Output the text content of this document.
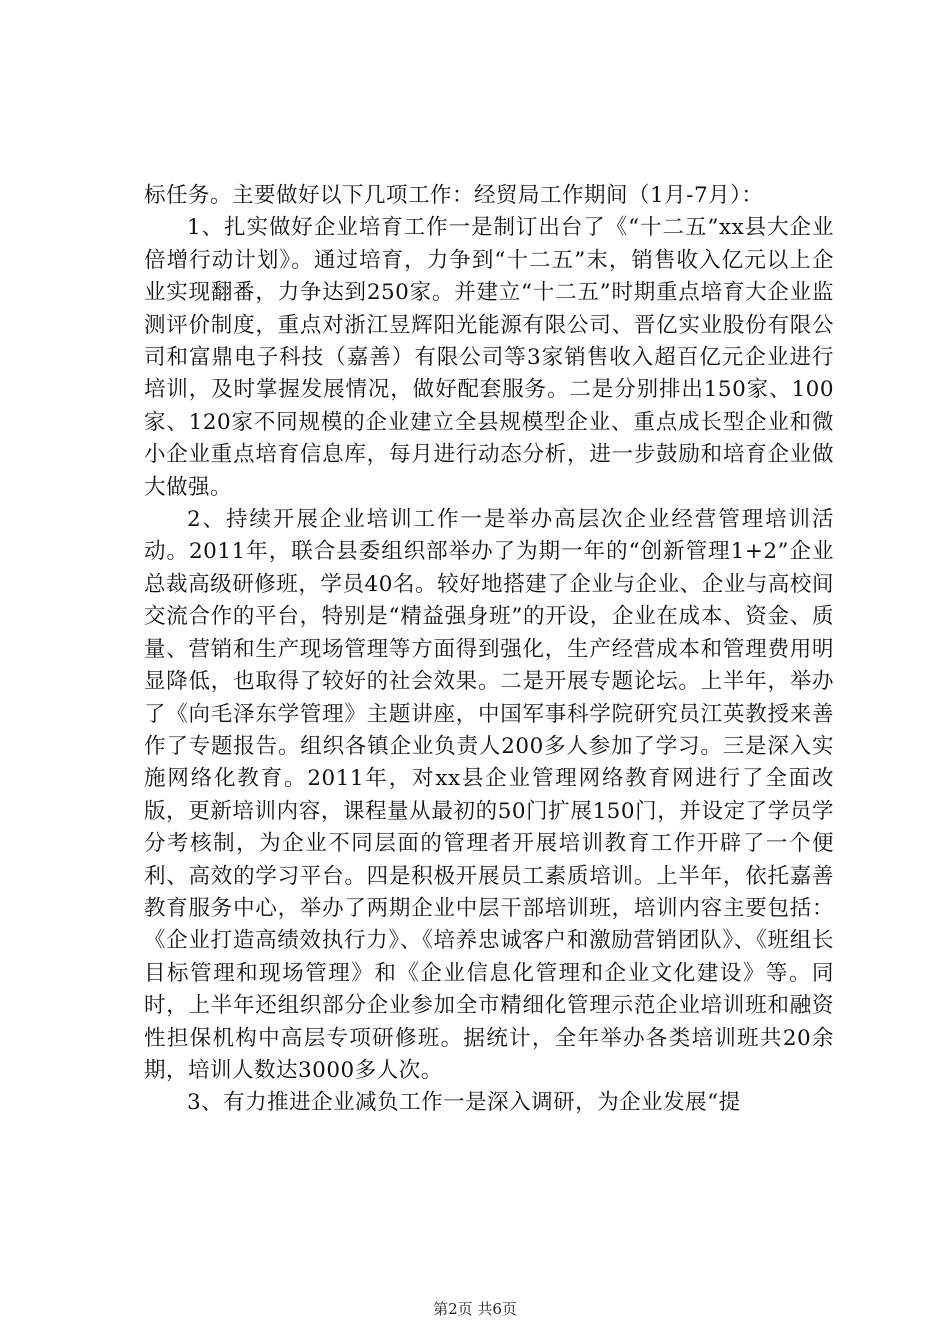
标任务。主要做好以下几项工作：经贸局工作期间（1月-7月）：

1、扎实做好企业培育工作一是制订出台了《“十二五”xx县大企业倍增行动计划》。通过培育，力争到“十二五”末，销售收入亿元以上企业实现翻番，力争达到250家。并建立“十二五”时期重点培育大企业监测评价制度，重点对浙江昱辉阳光能源有限公司、晋亿实业股份有限公司和富鼎电子科技（嘉善）有限公司等3家销售收入超百亿元企业进行培训，及时掌握发展情况，做好配套服务。二是分别排出150家、100家、120家不同规模的企业建立全县规模型企业、重点成长型企业和微小企业重点培育信息库，每月进行动态分析，进一步鼓励和培育企业做大做强。

2、持续开展企业培训工作一是举办高层次企业经营管理培训活动。2011年，联合县委组织部举办了为期一年的“创新管理1+2”企业总裁高级研修班，学员40名。较好地搭建了企业与企业、企业与高校间交流合作的平台，特别是“精益强身班”的开设，企业在成本、资金、质量、营销和生产现场管理等方面得到强化，生产经营成本和管理费用明显降低，也取得了较好的社会效果。二是开展专题论坛。上半年，举办了《向毛泽东学管理》主题讲座，中国军事科学院研究员江英教授来善作了专题报告。组织各镇企业负责人200多人参加了学习。三是深入实施网络化教育。2011年，对xx县企业管理网络教育网进行了全面改版，更新培训内容，课程量从最初的50门扩展150门，并设定了学员学分考核制，为企业不同层面的管理者开展培训教育工作开辟了一个便利、高效的学习平台。四是积极开展员工素质培训。上半年，依托嘉善教育服务中心，举办了两期企业中层干部培训班，培训内容主要包括：《企业打造高绩效执行力》、《培养忠诚客户和激励营销团队》、《班组长目标管理和现场管理》和《企业信息化管理和企业文化建设》等。同时，上半年还组织部分企业参加全市精细化管理示范企业培训班和融资性担保机构中高层专项研修班。据统计，全年举办各类培训班共20余期，培训人数达3000多人次。

3、有力推进企业减负工作一是深入调研，为企业发展“提

第2页 共6页
